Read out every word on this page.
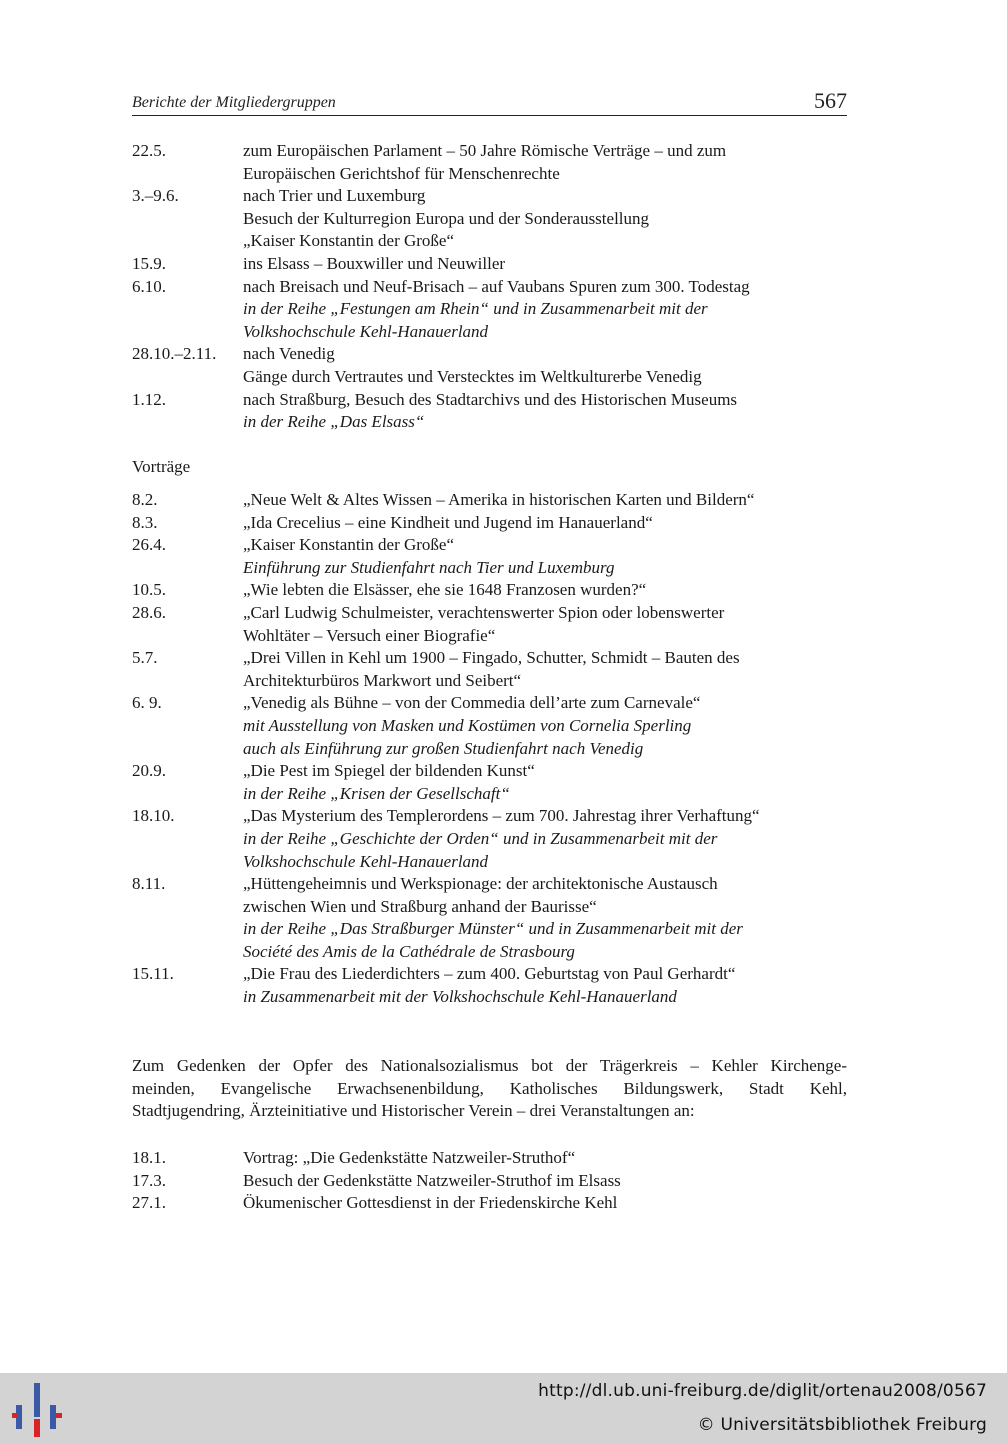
Berichte der Mitgliedergruppen	567
22.5.	zum Europäischen Parlament – 50 Jahre Römische Verträge – und zum
Europäischen Gerichtshof für Menschenrechte
3.–9.6.	nach Trier und Luxemburg
Besuch der Kulturregion Europa und der Sonderausstellung
„Kaiser Konstantin der Große“
15.9.	ins Elsass – Bouxwiller und Neuwiller
6.10.	nach Breisach und Neuf-Brisach – auf Vaubans Spuren zum 300. Todestag
in der Reihe „Festungen am Rhein“ und in Zusammenarbeit mit der
Volkshochschule Kehl-Hanauerland
28.10.–2.11. nach Venedig
Gänge durch Vertrautes und Verstecktes im Weltkulturerbe Venedig
1.12.	nach Straßburg, Besuch des Stadtarchivs und des Historischen Museums
in der Reihe „Das Elsass“
Vorträge
8.2.	„Neue Welt & Altes Wissen – Amerika in historischen Karten und Bildern“
8.3.	„Ida Crecelius – eine Kindheit und Jugend im Hanauerland“
26.4.	„Kaiser Konstantin der Große“
Einführung zur Studienfahrt nach Tier und Luxemburg
10.5.	„Wie lebten die Elsässer, ehe sie 1648 Franzosen wurden?“
28.6.	„Carl Ludwig Schulmeister, verachtenswerter Spion oder lobenswerter
Wohltäter – Versuch einer Biografie“
5.7.	„Drei Villen in Kehl um 1900 – Fingado, Schutter, Schmidt – Bauten des
Architekturbüros Markwort und Seibert“
6. 9.	„Venedig als Bühne – von der Commedia dell’arte zum Carnevale“
mit Ausstellung von Masken und Kostümen von Cornelia Sperling
auch als Einführung zur großen Studienfahrt nach Venedig
20.9.	„Die Pest im Spiegel der bildenden Kunst“
in der Reihe „Krisen der Gesellschaft“
18.10.	„Das Mysterium des Templerordens – zum 700. Jahrestag ihrer Verhaftung“
in der Reihe „Geschichte der Orden“ und in Zusammenarbeit mit der
Volkshochschule Kehl-Hanauerland
8.11.	„Hüttengeheimnis und Werkspionage: der architektonische Austausch
zwischen Wien und Straßburg anhand der Baurisse“
in der Reihe „Das Straßburger Münster“ und in Zusammenarbeit mit der
Société des Amis de la Cathédrale de Strasbourg
15.11.	„Die Frau des Liederdichters – zum 400. Geburtstag von Paul Gerhardt“
in Zusammenarbeit mit der Volkshochschule Kehl-Hanauerland
Zum Gedenken der Opfer des Nationalsozialismus bot der Trägerkreis – Kehler Kirchenge-
meinden, Evangelische Erwachsenenbildung, Katholisches Bildungswerk, Stadt Kehl,
Stadtjugendring, Ärzteinitiative und Historischer Verein – drei Veranstaltungen an:
18.1.	Vortrag: „Die Gedenkstätte Natzweiler-Struthof“
17.3.	Besuch der Gedenkstätte Natzweiler-Struthof im Elsass
27.1.	Ökumenischer Gottesdienst in der Friedenskirche Kehl
http://dl.ub.uni-freiburg.de/diglit/ortenau2008/0567
© Universitätsbibliothek Freiburg
